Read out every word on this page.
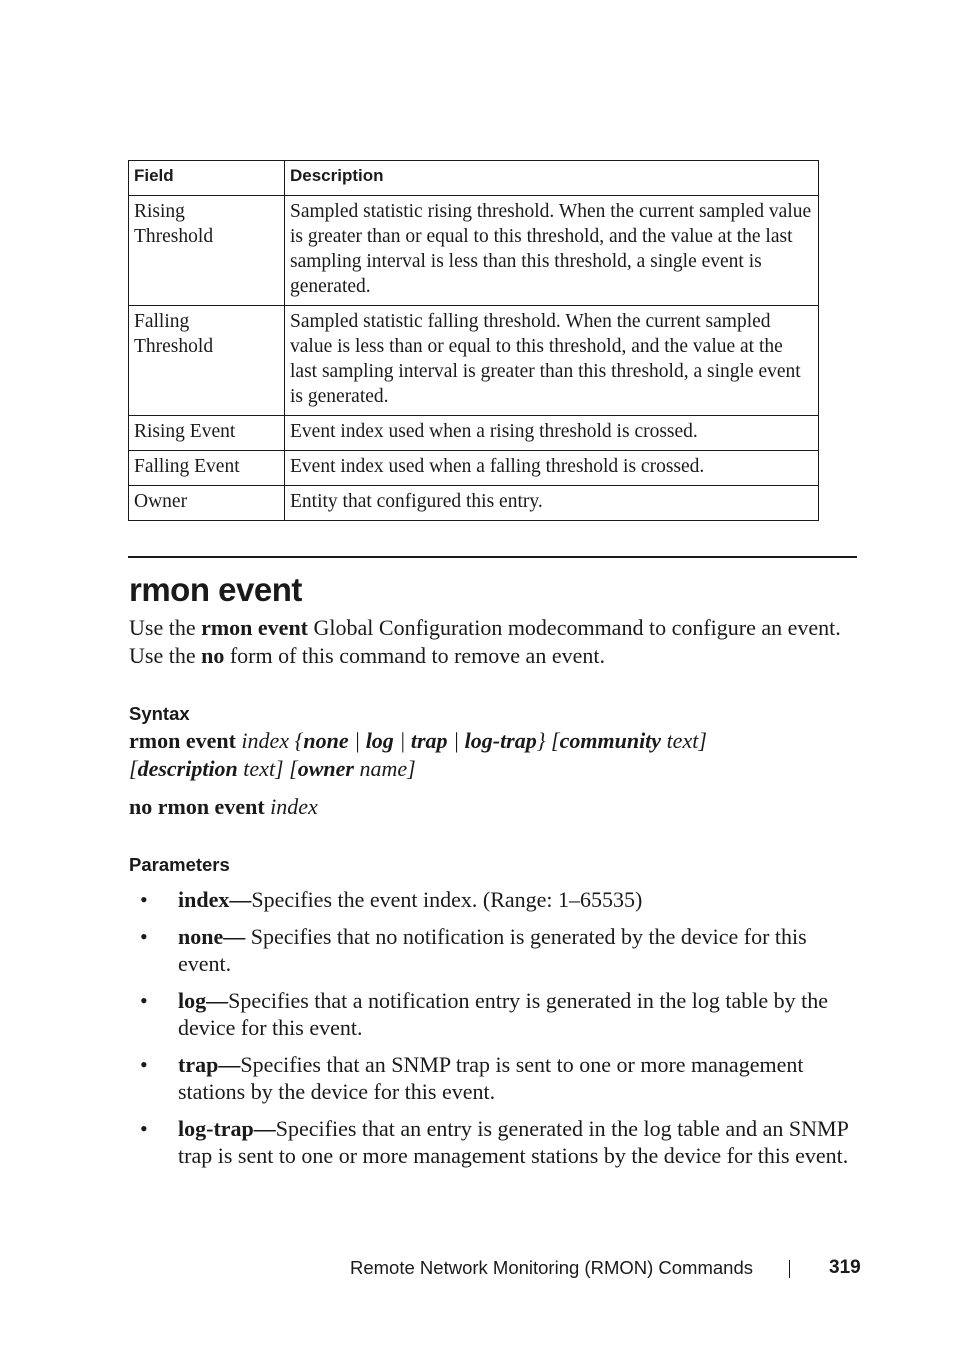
Field	Description
Rising Threshold	Sampled statistic rising threshold. When the current sampled value is greater than or equal to this threshold, and the value at the last sampling interval is less than this threshold, a single event is generated.
Falling Threshold	Sampled statistic falling threshold. When the current sampled value is less than or equal to this threshold, and the value at the last sampling interval is greater than this threshold, a single event is generated.
Rising Event	Event index used when a rising threshold is crossed.
Falling Event	Event index used when a falling threshold is crossed.
Owner	Entity that configured this entry.
rmon event

Use the rmon event Global Configuration modecommand to configure an event. Use the no form of this command to remove an event.

Syntax

rmon event index {none | log | trap | log-trap} [community text]
[description text] [owner name]

no rmon event index

Parameters
• index—Specifies the event index. (Range: 1–65535)
• none— Specifies that no notification is generated by the device for this event.
• log—Specifies that a notification entry is generated in the log table by the device for this event.
• trap—Specifies that an SNMP trap is sent to one or more management stations by the device for this event.
• log-trap—Specifies that an entry is generated in the log table and an SNMP trap is sent to one or more management stations by the device for this event.
Remote Network Monitoring (RMON) Commands	319
